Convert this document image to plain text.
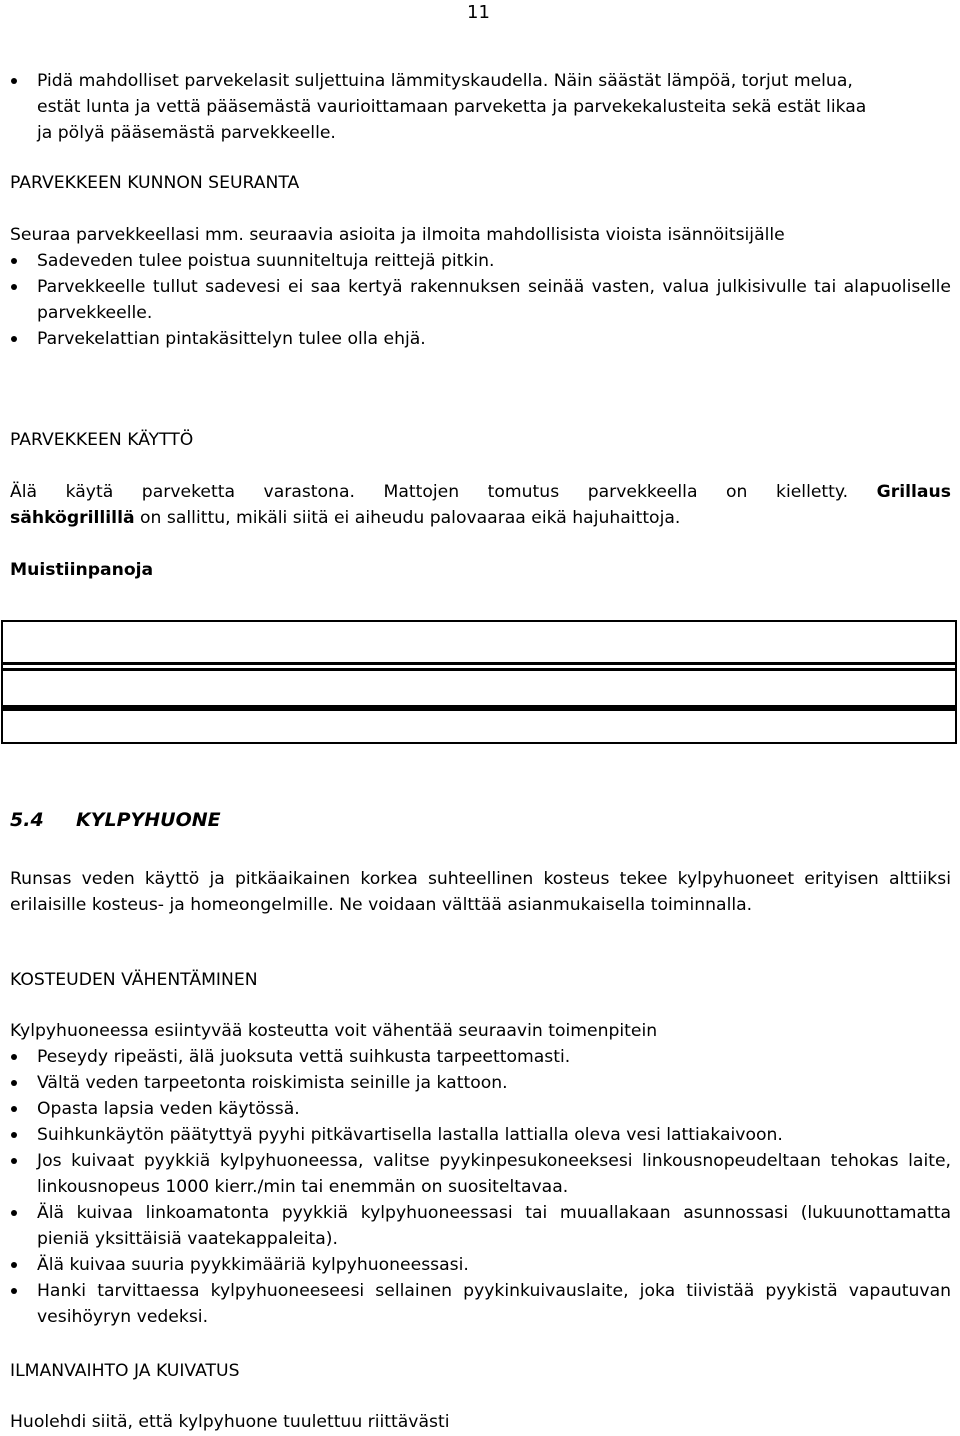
11
Pidä mahdolliset parvekelasit suljettuina lämmityskaudella. Näin säästät lämpöä, torjut melua,
estät lunta ja vettä pääsemästä vaurioittamaan parveketta ja parvekekalusteita sekä estät likaa
ja pölyä pääsemästä parvekkeelle.
PARVEKKEEN KUNNON SEURANTA
Seuraa parvekkeellasi mm. seuraavia asioita ja ilmoita mahdollisista vioista isännöitsijälle
Sadeveden tulee poistua suunniteltuja reittejä pitkin.
Parvekkeelle tullut sadevesi ei saa kertyä rakennuksen seinää vasten, valua julkisivulle tai alapuoliselle parvekkeelle.
Parvekelattian pintakäsittelyn tulee olla ehjä.
PARVEKKEEN KÄYTTÖ
Älä käytä parveketta varastona. Mattojen tomutus parvekkeella on kielletty. Grillaus
sähkögrillillä on sallittu, mikäli siitä ei aiheudu palovaaraa eikä hajuhaittoja.
Muistiinpanoja
5.4 KYLPYHUONE
Runsas veden käyttö ja pitkäaikainen korkea suhteellinen kosteus tekee kylpyhuoneet erityisen alttiiksi erilaisille kosteus- ja homeongelmille. Ne voidaan välttää asianmukaisella toiminnalla.
KOSTEUDEN VÄHENTÄMINEN
Kylpyhuoneessa esiintyvää kosteutta voit vähentää seuraavin toimenpitein
Peseydy ripeästi, älä juoksuta vettä suihkusta tarpeettomasti.
Vältä veden tarpeetonta roiskimista seinille ja kattoon.
Opasta lapsia veden käytössä.
Suihkunkäytön päätyttyä pyyhi pitkävartisella lastalla lattialla oleva vesi lattiakaivoon.
Jos kuivaat pyykkiä kylpyhuoneessa, valitse pyykinpesukoneeksesi linkousnopeudeltaan tehokas laite, linkousnopeus 1000 kierr./min tai enemmän on suositeltavaa.
Älä kuivaa linkoamatonta pyykkiä kylpyhuoneessasi tai muuallakaan asunnossasi (lukuunottamatta pieniä yksittäisiä vaatekappaleita).
Älä kuivaa suuria pyykkimääriä kylpyhuoneessasi.
Hanki tarvittaessa kylpyhuoneeseesi sellainen pyykinkuivauslaite, joka tiivistää pyykistä vapautuvan vesihöyryn vedeksi.
ILMANVAIHTO JA KUIVATUS
Huolehdi siitä, että kylpyhuone tuulettuu riittävästi
